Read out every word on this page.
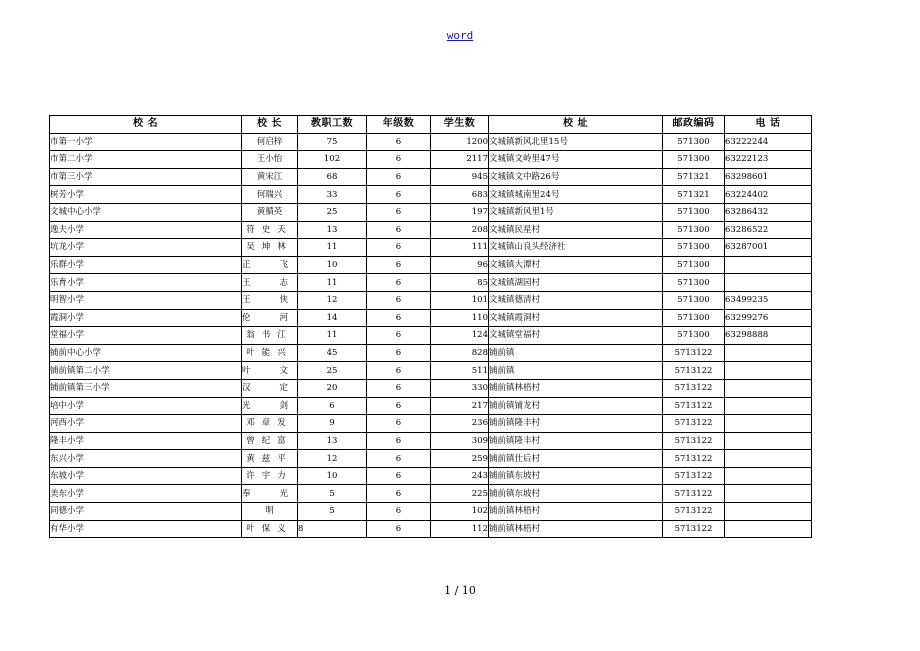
word
校 名	校 长	教职工数	年级数	学生数	校 址	邮政编码	电 话
市第一小学	何启梓	75	6	1200	文城镇新风北里15号	571300	63222244
市第二小学	王小怡	102	6	2117	文城镇文岭里47号	571300	63222123
市第三小学	黄宋江	68	6	945	文城镇文中路26号	571321	63298601
树芳小学	何瑞兴	33	6	683	文城镇城南里24号	571321	63224402
文城中心小学	黄循英	25	6	197	文城镇新风里1号	571300	63286432
逸夫小学	符史天	13	6	208	文城镇民星村	571300	63286522
坑龙小学	吴坤林	11	6	111	文城镇山良头经济社	571300	63287001
乐群小学	正 飞	10	6	96	文城镇大潭村	571300	
乐育小学	王 志	11	6	85	文城镇湖园村	571300	
明智小学	王 侠	12	6	101	文城镇德清村	571300	63499235
霞洞小学	伦 河	14	6	110	文城镇霞洞村	571300	63299276
堂福小学	翁书江	11	6	124	文城镇堂福村	571300	63298888
铺前中心小学	叶能兴	45	6	828	铺前镇	5713122	
铺前镇第二小学	叶 文	25	6	511	铺前镇	5713122	
铺前镇第三小学	汉 定	20	6	330	铺前镇林梧村	5713122	
培中小学	光 剑	6	6	217	铺前镇铺龙村	5713122	
河西小学	邓章发	9	6	236	铺前镇隆丰村	5713122	
隆丰小学	曾纪富	13	6	309	铺前镇隆丰村	5713122	
东兴小学	黄兹平	12	6	259	铺前镇仕后村	5713122	
东坡小学	许宇力	10	6	243	铺前镇东坡村	5713122	
美东小学	奉 光	5	6	225	铺前镇东坡村	5713122	
同德小学	明	5	6	102	铺前镇林梧村	5713122	
有华小学	叶保义	8	6	112	铺前镇林梧村	5713122	
1 / 10
